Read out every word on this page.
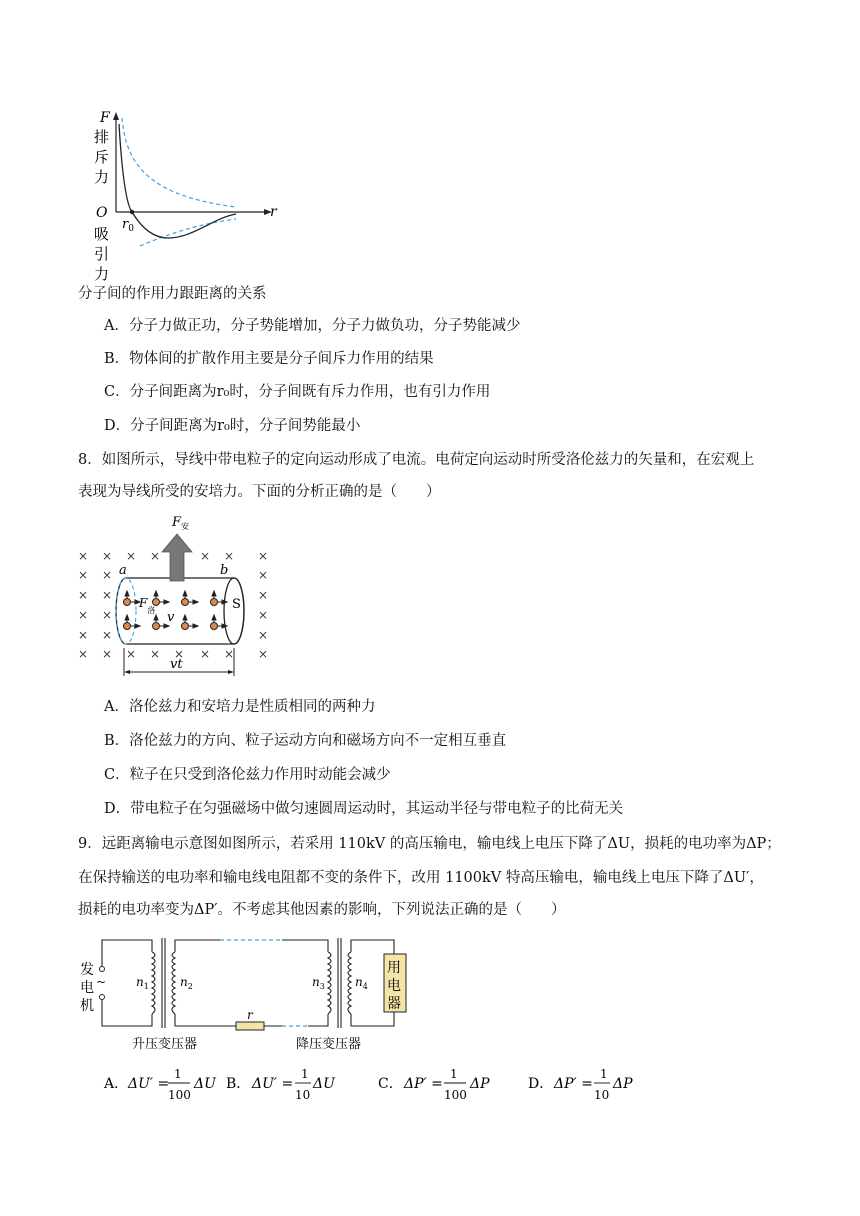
F
r
O
$r_0$
排
斥
力
吸
引
力
分子间的作用力跟距离的关系
A．分子力做正功，分子势能增加，分子力做负功，分子势能减少
B．物体间的扩散作用主要是分子间斥力作用的结果
C．分子间距离为r₀时，分子间既有斥力作用，也有引力作用
D．分子间距离为r₀时，分子间势能最小
8．如图所示，导线中带电粒子的定向运动形成了电流。电荷定向运动时所受洛伦兹力的矢量和，在宏观上
表现为导线所受的安培力。下面的分析正确的是（　　）
× × × ×	× × ×
× ×	×
× ×	×
× ×	×
× ×	×
× × × × × × × ×
$F_安$
a	b
S
$F_洛$ v
vt
A．洛伦兹力和安培力是性质相同的两种力
B．洛伦兹力的方向、粒子运动方向和磁场方向不一定相互垂直
C．粒子在只受到洛伦兹力作用时动能会减少
D．带电粒子在匀强磁场中做匀速圆周运动时，其运动半径与带电粒子的比荷无关
9．远距离输电示意图如图所示，若采用 110kV 的高压输电，输电线上电压下降了ΔU，损耗的电功率为ΔP；
在保持输送的电功率和输电线电阻都不变的条件下，改用 1100kV 特高压输电，输电线上电压下降了ΔU′，
损耗的电功率变为ΔP′。不考虑其他因素的影响，下列说法正确的是（　　）
发
电 ~
机
用
电
器
$n_1$	$n_2$	$n_3$	$n_4$
r
升压变压器	降压变压器
A． ΔU′ =
1
100
ΔU B． ΔU′ =
1
10
ΔU	C． ΔP′ =
1
100
ΔP	D． ΔP′ =
1
10
ΔP
